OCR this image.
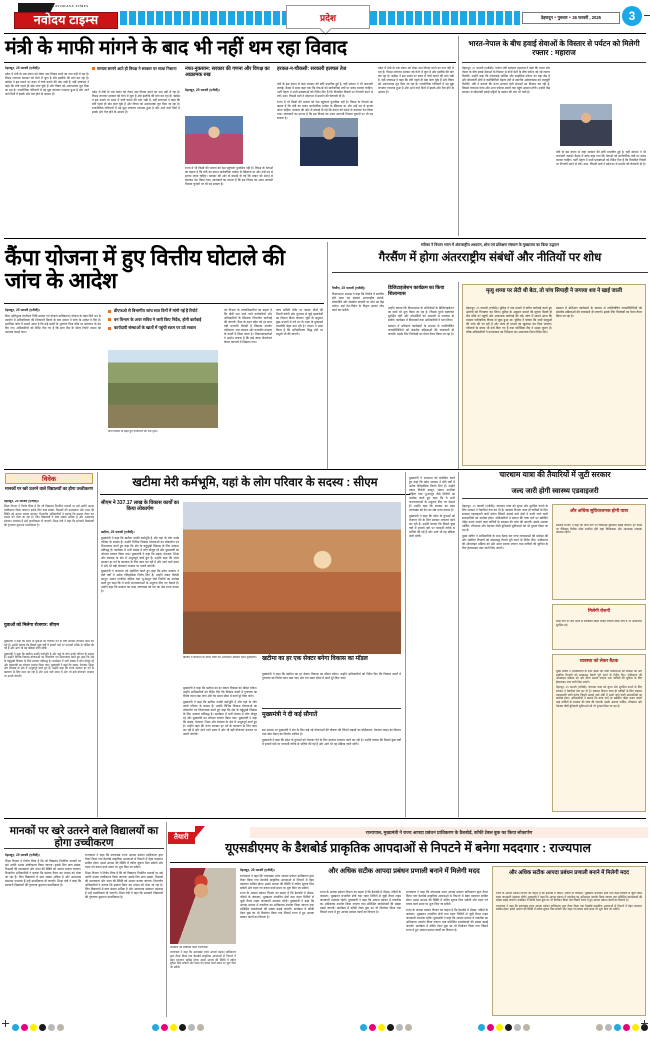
NAVODAYA TIMES
नवोदय टाइम्स	प्रदेश	देहरादून • गुरुवार • 26 फरवरी , 2025 3
मंत्री के माफी मांगने के बाद भी नहीं थम रहा विवाद	भारत-नेपाल के बीच हवाई सेवाओं के विस्तार से पर्यटन को मिलेगी रफ्तार : महाराज

देहरादून, 25 फरवरी (एजेंसी)।

प्रदेश में मंत्री के एक बयान को लेकर उठा विवाद थमने का नाम नहीं ले रहा है। विपक्ष लगातार सरकार को घेरने में जुटा है और इस्तीफे की मांग कर रहा है। कांग्रेस ने इस मसले पर सदन में चर्चा कराने की मांग रखी है, वहीं सत्तापक्ष ने कहा कि मंत्री पहले ही खेद जता चुके हैं और विषय को अनावश्यक तूल दिया जा रहा है। राजनीतिक गलियारों में यह मुद्दा लगातार गरमाया हुआ है और आने वाले दिनों में इसके और तेज होने के आसार हैं।

मामला सामने आते ही विपक्ष ने सरकार पर साधा निशाना

प्रदेश में मंत्री के एक बयान को लेकर उठा विवाद थमने का नाम नहीं ले रहा है। विपक्ष लगातार सरकार को घेरने में जुटा है और इस्तीफे की मांग कर रहा है। कांग्रेस ने इस मसले पर सदन में चर्चा कराने की मांग रखी है, वहीं सत्तापक्ष ने कहा कि मंत्री पहले ही खेद जता चुके हैं और विषय को अनावश्यक तूल दिया जा रहा है। राजनीतिक गलियारों में यह मुद्दा लगातार गरमाया हुआ है और आने वाले दिनों में इसके और तेज होने के आसार हैं।

नफा-नुकसान: सरकार की गणना और विपक्ष का आक्रामक रुख

देहरादून, 25 फरवरी (एजेंसी)।

राज्य में भी किसी की भावना को ठेस पहुंचाना मुनासिब नहीं है। विपक्ष के नेताओं का कहना है कि मंत्री का बयान सार्वजनिक मर्यादा के खिलाफ था और उन्हें पद से हटाया जाना चाहिए। सरकार की ओर से सफाई दी गई कि बयान को संदर्भ से काटकर पेश किया गया। जानकारों का मानना है कि इस विवाद का असर आगामी निकाय चुनावों पर भी पड़ सकता है।

हरकत-न-चौकसी: सरकारी हलचल तेज

मंत्री के इस बयान से जहां सरकार की छवि प्रभावित हुई है, वहीं संगठन ने भी नाराजगी जताई। बैठक में साफ कहा गया कि नेताओं को सार्वजनिक मंचों पर संयम बरतना चाहिए। पार्टी नेतृत्व ने सभी प्रवक्ताओं को निर्देश दिए हैं कि विवादित विषयों पर टिप्पणी करने से बचें। उधर, विपक्षी दलों ने प्रदेशभर में प्रदर्शन की चेतावनी दी है।

राज्य में भी किसी की भावना को ठेस पहुंचाना मुनासिब नहीं है। विपक्ष के नेताओं का कहना है कि मंत्री का बयान सार्वजनिक मर्यादा के खिलाफ था और उन्हें पद से हटाया जाना चाहिए। सरकार की ओर से सफाई दी गई कि बयान को संदर्भ से काटकर पेश किया गया। जानकारों का मानना है कि इस विवाद का असर आगामी निकाय चुनावों पर भी पड़ सकता है।

प्रदेश में मंत्री के एक बयान को लेकर उठा विवाद थमने का नाम नहीं ले रहा है। विपक्ष लगातार सरकार को घेरने में जुटा है और इस्तीफे की मांग कर रहा है। कांग्रेस ने इस मसले पर सदन में चर्चा कराने की मांग रखी है, वहीं सत्तापक्ष ने कहा कि मंत्री पहले ही खेद जता चुके हैं और विषय को अनावश्यक तूल दिया जा रहा है। राजनीतिक गलियारों में यह मुद्दा लगातार गरमाया हुआ है और आने वाले दिनों में इसके और तेज होने के आसार हैं।

देहरादून, 25 फरवरी (एजेंसी)। पर्यटन मंत्री सतपाल महाराज ने कहा कि भारत और नेपाल के बीच हवाई सेवाओं के विस्तार से दोनों देशों के बीच पर्यटन को नई रफ्तार मिलेगी। उन्होंने कहा कि उत्तराखंड धार्मिक और साहसिक पर्यटन का बड़ा केंद्र है और सीमावर्ती क्षेत्रों में कनेक्टिविटी बेहतर होने से स्थानीय अर्थव्यवस्था को मजबूती मिलेगी। मंत्री ने बताया कि राज्य सरकार हेली सेवाओं का विस्तार कर रही है, जिससे चारधाम यात्रा और अन्य पर्यटक स्थलों तक पहुंच आसान होगी। उन्होंने केंद्र सरकार से सीमावर्ती हवाई पट्टियों के उन्नयन की मांग भी रखी है।

मंत्री के इस बयान से जहां सरकार की छवि प्रभावित हुई है, वहीं संगठन ने भी नाराजगी जताई। बैठक में साफ कहा गया कि नेताओं को सार्वजनिक मंचों पर संयम बरतना चाहिए। पार्टी नेतृत्व ने सभी प्रवक्ताओं को निर्देश दिए हैं कि विवादित विषयों पर टिप्पणी करने से बचें। उधर, विपक्षी दलों ने प्रदेशभर में प्रदर्शन की चेतावनी दी है।

कैंपा योजना में हुए वित्तीय घोटाले की जांच के आदेश
डीएफओ से विभागीय जांच सात दिनों में मांगी गई है रिपोर्ट
वन विभाग के अपर सचिव ने जारी किए निर्देश, होगी कार्रवाई
कार्यदायी संस्थाओं के खातों में पहुंची रकम पर उठे सवाल

देहरादून, 25 फरवरी (एजेंसी)।

कैंपा (प्रतिपूरक वनरोपण निधि प्रबंधन एवं योजना प्राधिकरण) योजना के तहत मिले धन के उपयोग में अनियमितता की शिकायतें मिलने के बाद शासन ने जांच के आदेश दे दिए हैं। प्रारंभिक जांच में सामने आया है कि कई कार्यों के भुगतान बिना मौके पर सत्यापन के कर दिए गए। अधिकारियों को निर्देश दिए गए हैं कि सात दिन के भीतर रिपोर्ट शासन को उपलब्ध कराई जाए।

कैंपा योजना के तहत हुए पौधरोपण का एक दृश्य।

वन विभाग के उच्चाधिकारियों का कहना है कि दोषी पाए जाने वाले कर्मचारियों और अधिकारियों के खिलाफ विभागीय कार्रवाई की जाएगी। कैंपा के तहत प्रदेश को हर साल बड़ी धनराशि मिलती है जिसका उपयोग वनीकरण, जल संरक्षण और वन्यजीव संरक्षण के कार्यों में किया जाता है। शिकायतकर्ताओं ने आरोप लगाया है कि कई जगह पौधरोपण केवल कागजों में दिखाया गया।

जांच समिति मौके पर जाकर पौधों की गिनती करेगी और भुगतान से जुड़े दस्तावेजों का मिलान किया जाएगा। सूत्रों के अनुसार कुछ प्रभागों में वर्ष भर के लक्ष्य के मुकाबले उपलब्धि बेहद कम रही है। शासन ने साफ किया है कि अनियमितता सिद्ध होने पर वसूली भी की जाएगी।

स्पीकर ने विधान भवन में अंतरराष्ट्रीय अध्ययन, शोध एवं प्रशिक्षण संस्थान के मुख्यालय का किया उद्घाटन
गैरसैंण में होगा अंतरराष्ट्रीय संबंधों और नीतियों पर शोध

गैरसैंण, 25 फरवरी (एजेंसी)।

विधानसभा अध्यक्ष ने कहा कि गैरसैंण में स्थापित होने वाला यह संस्थान अंतरराष्ट्रीय संबंधों, लोकनीति और संसदीय प्रणाली पर शोध का केंद्र बनेगा। यहां देश-विदेश के विद्वान आकर शोध कार्य कर सकेंगे।

डिजिटाइजेशन कार्यक्रम का किया शिलान्यास

उन्होंने बताया कि विधानसभा के अभिलेखों के डिजिटाइजेशन का कार्य भी शुरू किया जा रहा है, जिससे पुराने दस्तावेज सुरक्षित रहेंगे और शोधार्थियों को आसानी से उपलब्ध हो सकेंगे। कार्यक्रम में विधायकों तथा अधिकारियों ने भाग लिया।

संस्थान में प्रशिक्षण कार्यक्रमों के माध्यम से नवनिर्वाचित जनप्रतिनिधियों को संसदीय प्रक्रियाओं की जानकारी दी जाएगी। इसके लिए विशेषज्ञों का पैनल तैयार किया जा रहा है।

मृत्यु शय्या पर लेटी थी बेटा, तो पांच सिपाही ने जगाया शव ने खाई जाली

देहरादून, 25 फरवरी (एजेंसी)। पुलिस ने एक मामले में त्वरित कार्रवाई करते हुए आरोपी को गिरफ्तार कर लिया। पुलिस के अनुसार मामले की सूचना मिलते ही टीम मौके पर पहुंची और आवश्यक कार्रवाई की गई। जांच में सामने आया कि मामला पारिवारिक विवाद से जुड़ा हुआ था। पुलिस ने बताया कि सभी पहलुओं की जांच की जा रही है और जल्द ही मामले का खुलासा कर दिया जाएगा। परिजनों के बयान भी दर्ज किए गए हैं तथा फॉरेंसिक टीम ने साक्ष्य जुटाए हैं। वरिष्ठ अधिकारियों ने घटनास्थल का निरीक्षण कर आवश्यक दिशा-निर्देश दिए।

संस्थान में प्रशिक्षण कार्यक्रमों के माध्यम से नवनिर्वाचित जनप्रतिनिधियों को संसदीय प्रक्रियाओं की जानकारी दी जाएगी। इसके लिए विशेषज्ञों का पैनल तैयार किया जा रहा है।

विवेक
मानकों पर खरे उतरने वाले विद्यालयों का होगा उच्चीकरण

देहरादून, 25 फरवरी (एजेंसी)।

शिक्षा विभाग ने निर्णय लिया है कि जो विद्यालय निर्धारित मानकों पर खरे उतरेंगे उनका उच्चीकरण किया जाएगा। इसके लिए छात्र संख्या, शिक्षकों की उपलब्धता और भवन की स्थिति को आधार बनाया जाएगा। विभागीय अधिकारियों ने बताया कि प्रस्ताव तैयार कर शासन को भेजा जा रहा है। जिन विद्यालयों में छात्र संख्या अधिक है और आवश्यक संसाधन उपलब्ध हैं उन्हें प्राथमिकता दी जाएगी। शिक्षा मंत्री ने कहा कि सरकारी विद्यालयों की गुणवत्ता सुधारना प्राथमिकता है।

युवाओं को मिलेगा रोजगार: सीएम

मुख्यमंत्री ने कहा कि प्रदेश के युवाओं को रोजगार देने के लिए सरकार लगातार कार्य कर रही है। उन्होंने बताया कि पिछले कुछ वर्षों में हजारों पदों पर पारदर्शी तरीके से भर्तियां की गई हैं और आगे भी यह प्रक्रिया जारी रहेगी।

मुख्यमंत्री ने कहा कि खटीमा उनकी कर्मभूमि है और यहां के लोग उनके परिवार के सदस्य हैं। उन्होंने विभिन्न विकास योजनाओं का लोकार्पण एवं शिलान्यास करते हुए कहा कि क्षेत्र के चहुंमुखी विकास के लिए सरकार प्रतिबद्ध है। कार्यक्रम में भारी संख्या में लोग मौजूद रहे और मुख्यमंत्री का जोरदार स्वागत किया गया। मुख्यमंत्री ने कहा कि सड़क, पेयजल, शिक्षा और स्वास्थ्य के क्षेत्र में अभूतपूर्व कार्य हुए हैं। उन्होंने कहा कि राज्य सरकार हर वर्ग के कल्याण के लिए काम कर रही है और आने वाले समय में और भी बड़ी योजनाएं धरातल पर उतारी जाएंगी।

खटीमा मेरी कर्मभूमि, यहां के लोग परिवार के सदस्य : सीएम
सीएम ने 337.17 लाख के विकास कार्यों का किया लोकार्पण

खटीमा, 25 फरवरी (एजेंसी)।

मुख्यमंत्री ने कहा कि खटीमा उनकी कर्मभूमि है और यहां के लोग उनके परिवार के सदस्य हैं। उन्होंने विभिन्न विकास योजनाओं का लोकार्पण एवं शिलान्यास करते हुए कहा कि क्षेत्र के चहुंमुखी विकास के लिए सरकार प्रतिबद्ध है। कार्यक्रम में भारी संख्या में लोग मौजूद रहे और मुख्यमंत्री का जोरदार स्वागत किया गया। मुख्यमंत्री ने कहा कि सड़क, पेयजल, शिक्षा और स्वास्थ्य के क्षेत्र में अभूतपूर्व कार्य हुए हैं। उन्होंने कहा कि राज्य सरकार हर वर्ग के कल्याण के लिए काम कर रही है और आने वाले समय में और भी बड़ी योजनाएं धरातल पर उतारी जाएंगी।

मुख्यमंत्री ने जनसभा को संबोधित करते हुए कहा कि प्रदेश सरकार ने बीते वर्षों में अनेक ऐतिहासिक निर्णय लिए हैं। उन्होंने नकल विरोधी कानून, समान नागरिक संहिता तथा भू-कानून जैसे निर्णयों का उल्लेख करते हुए कहा कि ये सभी जनभावनाओं के अनुरूप लिए गए फैसले हैं। उन्होंने कहा कि सरकार का लक्ष्य उत्तराखंड को देश का श्रेष्ठ राज्य बनाना है।

खटीमा में जनसभा के दौरान लोगों का अभिवादन स्वीकार करते मुख्यमंत्री। खटीमा का हर एक सेक्टर बनेगा विकास का मॉडल

मुख्यमंत्री ने कहा कि खटीमा का हर सेक्टर विकास का मॉडल बनेगा। उन्होंने अधिकारियों को निर्देश दिए कि विकास कार्यों में गुणवत्ता का विशेष ध्यान रखा जाए और तय समय सीमा में कार्य पूरे किए जाएं।

मुख्यमंत्री ने दी कई सौगातें

इस अवसर पर मुख्यमंत्री ने क्षेत्र के लिए कई नई योजनाओं की घोषणा की जिनमें सड़कों का चौड़ीकरण, पेयजल लाइन का विस्तार तथा खेल मैदान का निर्माण शामिल है।

मुख्यमंत्री ने कहा कि प्रदेश के युवाओं को रोजगार देने के लिए सरकार लगातार कार्य कर रही है। उन्होंने बताया कि पिछले कुछ वर्षों में हजारों पदों पर पारदर्शी तरीके से भर्तियां की गई हैं और आगे भी यह प्रक्रिया जारी रहेगी।

मुख्यमंत्री ने कहा कि खटीमा का हर सेक्टर विकास का मॉडल बनेगा। उन्होंने अधिकारियों को निर्देश दिए कि विकास कार्यों में गुणवत्ता का विशेष ध्यान रखा जाए और तय समय सीमा में कार्य पूरे किए जाएं।

मुख्यमंत्री ने कहा कि खटीमा उनकी कर्मभूमि है और यहां के लोग उनके परिवार के सदस्य हैं। उन्होंने विभिन्न विकास योजनाओं का लोकार्पण एवं शिलान्यास करते हुए कहा कि क्षेत्र के चहुंमुखी विकास के लिए सरकार प्रतिबद्ध है। कार्यक्रम में भारी संख्या में लोग मौजूद रहे और मुख्यमंत्री का जोरदार स्वागत किया गया। मुख्यमंत्री ने कहा कि सड़क, पेयजल, शिक्षा और स्वास्थ्य के क्षेत्र में अभूतपूर्व कार्य हुए हैं। उन्होंने कहा कि राज्य सरकार हर वर्ग के कल्याण के लिए काम कर रही है और आने वाले समय में और भी बड़ी योजनाएं धरातल पर उतारी जाएंगी।

मुख्यमंत्री ने जनसभा को संबोधित करते हुए कहा कि प्रदेश सरकार ने बीते वर्षों में अनेक ऐतिहासिक निर्णय लिए हैं। उन्होंने नकल विरोधी कानून, समान नागरिक संहिता तथा भू-कानून जैसे निर्णयों का उल्लेख करते हुए कहा कि ये सभी जनभावनाओं के अनुरूप लिए गए फैसले हैं। उन्होंने कहा कि सरकार का लक्ष्य उत्तराखंड को देश का श्रेष्ठ राज्य बनाना है।

मुख्यमंत्री ने कहा कि प्रदेश के युवाओं को रोजगार देने के लिए सरकार लगातार कार्य कर रही है। उन्होंने बताया कि पिछले कुछ वर्षों में हजारों पदों पर पारदर्शी तरीके से भर्तियां की गई हैं और आगे भी यह प्रक्रिया जारी रहेगी।

चारधाम यात्रा की तैयारियों में जुटी सरकार
जल्द जारी होगी स्वास्थ्य एडवाइजरी

देहरादून, 25 फरवरी (एजेंसी)। चारधाम यात्रा को सुगम और सुरक्षित बनाने के लिए सरकार ने तैयारियां तेज कर दी हैं। स्वास्थ्य विभाग जल्द ही यात्रियों के लिए स्वास्थ्य एडवाइजरी जारी करेगा जिसमें ऊंचाई वाले क्षेत्रों में बरती जाने वाली सावधानियों का उल्लेख होगा। अधिकारियों ने बताया कि यात्रा मार्ग पर स्क्रीनिंग पॉइंट बनाए जाएंगे जहां यात्रियों के स्वास्थ्य की जांच की जाएगी। इसके अलावा पार्किंग, शौचालय और पेयजल जैसी बुनियादी सुविधाओं को भी दुरुस्त किया जा रहा है।

मुख्य सचिव ने अधिकारियों के साथ बैठक कर यात्रा व्यवस्थाओं की समीक्षा की और संबंधित विभागों को समयबद्ध तैयारी पूरी करने के निर्देश दिए। पंजीकरण की ऑनलाइन प्रक्रिया को और सरल बनाया जाएगा तथा यात्रियों की सुविधा के लिए हेल्पलाइन नंबर जारी किए जाएंगे।

और अधिक सुविधाजनक होगी यात्रा

स्वास्थ्य विभाग ने कहा कि यात्रा मार्ग पर चिकित्सा सुविधाएं बढ़ाई जाएंगी। हर पड़ाव पर मेडिकल रिलीफ पोस्ट स्थापित होंगे जहां चिकित्सक और आवश्यक दवाइयां उपलब्ध रहेंगी।

मिलेगी रोशनी

यात्रा मार्ग पर सौर ऊर्जा से संचालित लाइटें लगाई जाएंगी ताकि रात्रि में भी आवागमन सुरक्षित रहे।

व्यवस्था को लेकर बैठक

मुख्य सचिव ने अधिकारियों के साथ बैठक कर यात्रा व्यवस्थाओं की समीक्षा की और संबंधित विभागों को समयबद्ध तैयारी पूरी करने के निर्देश दिए। पंजीकरण की ऑनलाइन प्रक्रिया को और सरल बनाया जाएगा तथा यात्रियों की सुविधा के लिए हेल्पलाइन नंबर जारी किए जाएंगे।

देहरादून, 25 फरवरी (एजेंसी)। चारधाम यात्रा को सुगम और सुरक्षित बनाने के लिए सरकार ने तैयारियां तेज कर दी हैं। स्वास्थ्य विभाग जल्द ही यात्रियों के लिए स्वास्थ्य एडवाइजरी जारी करेगा जिसमें ऊंचाई वाले क्षेत्रों में बरती जाने वाली सावधानियों का उल्लेख होगा। अधिकारियों ने बताया कि यात्रा मार्ग पर स्क्रीनिंग पॉइंट बनाए जाएंगे जहां यात्रियों के स्वास्थ्य की जांच की जाएगी। इसके अलावा पार्किंग, शौचालय और पेयजल जैसी बुनियादी सुविधाओं को भी दुरुस्त किया जा रहा है।

मानकों पर खरे उतरने वाले विद्यालयों का होगा उच्चीकरण

देहरादून, 25 फरवरी (एजेंसी)।

शिक्षा विभाग ने निर्णय लिया है कि जो विद्यालय निर्धारित मानकों पर खरे उतरेंगे उनका उच्चीकरण किया जाएगा। इसके लिए छात्र संख्या, शिक्षकों की उपलब्धता और भवन की स्थिति को आधार बनाया जाएगा। विभागीय अधिकारियों ने बताया कि प्रस्ताव तैयार कर शासन को भेजा जा रहा है। जिन विद्यालयों में छात्र संख्या अधिक है और आवश्यक संसाधन उपलब्ध हैं उन्हें प्राथमिकता दी जाएगी। शिक्षा मंत्री ने कहा कि सरकारी विद्यालयों की गुणवत्ता सुधारना प्राथमिकता है।

राज्यपाल ने कहा कि उत्तराखंड राज्य आपदा प्रबंधन प्राधिकरण द्वारा तैयार किया गया डैशबोर्ड प्राकृतिक आपदाओं से निपटने में बेहद मददगार साबित होगा। इससे आपदा की स्थिति में त्वरित सूचना मिल सकेगी और राहत एवं बचाव कार्य समय पर शुरू किए जा सकेंगे।

शिक्षा विभाग ने निर्णय लिया है कि जो विद्यालय निर्धारित मानकों पर खरे उतरेंगे उनका उच्चीकरण किया जाएगा। इसके लिए छात्र संख्या, शिक्षकों की उपलब्धता और भवन की स्थिति को आधार बनाया जाएगा। विभागीय अधिकारियों ने बताया कि प्रस्ताव तैयार कर शासन को भेजा जा रहा है। जिन विद्यालयों में छात्र संख्या अधिक है और आवश्यक संसाधन उपलब्ध हैं उन्हें प्राथमिकता दी जाएगी। शिक्षा मंत्री ने कहा कि सरकारी विद्यालयों की गुणवत्ता सुधारना प्राथमिकता है।

तैयारी
राज्यपाल, मुख्यमंत्री ने राज्य आपदा प्रबंधन प्राधिकरण के डैशबोर्ड, कॉफी टेबल बुक का किया लोकार्पण
यूएसडीएमए के डैशबोर्ड प्राकृतिक आपदाओं से निपटने में बनेगा मददगार : राज्यपाल

कार्यक्रम को संबोधित करते राज्यपाल।

राज्यपाल ने कहा कि उत्तराखंड राज्य आपदा प्रबंधन प्राधिकरण द्वारा तैयार किया गया डैशबोर्ड प्राकृतिक आपदाओं से निपटने में बेहद मददगार साबित होगा। इससे आपदा की स्थिति में त्वरित सूचना मिल सकेगी और राहत एवं बचाव कार्य समय पर शुरू किए जा सकेंगे।

देहरादून, 25 फरवरी (एजेंसी)।

राज्यपाल ने कहा कि उत्तराखंड राज्य आपदा प्रबंधन प्राधिकरण द्वारा तैयार किया गया डैशबोर्ड प्राकृतिक आपदाओं से निपटने में बेहद मददगार साबित होगा। इससे आपदा की स्थिति में त्वरित सूचना मिल सकेगी और राहत एवं बचाव कार्य समय पर शुरू किए जा सकेंगे।

राज्य के आपदा प्रबंधन विभाग का कहना है कि डैशबोर्ड में मौसम, नदियों के जलस्तर, भूस्खलन संभावित क्षेत्रों तथा राहत शिविरों से जुड़ी रीयल टाइम जानकारी उपलब्ध रहेगी। मुख्यमंत्री ने कहा कि आपदा प्रबंधन में तकनीक का अधिकतम उपयोग किया जाएगा तथा प्रशिक्षित स्वयंसेवकों की संख्या बढ़ाई जाएगी। कार्यक्रम में कॉफी टेबल बुक का भी विमोचन किया गया जिसमें राज्य में हुए आपदा प्रबंधन कार्यों का विवरण है।

और अधिक सटीक आपदा प्रबंधन प्रणाली बनाने में मिलेगी मदद

राज्य के आपदा प्रबंधन विभाग का कहना है कि डैशबोर्ड में मौसम, नदियों के जलस्तर, भूस्खलन संभावित क्षेत्रों तथा राहत शिविरों से जुड़ी रीयल टाइम जानकारी उपलब्ध रहेगी। मुख्यमंत्री ने कहा कि आपदा प्रबंधन में तकनीक का अधिकतम उपयोग किया जाएगा तथा प्रशिक्षित स्वयंसेवकों की संख्या बढ़ाई जाएगी। कार्यक्रम में कॉफी टेबल बुक का भी विमोचन किया गया जिसमें राज्य में हुए आपदा प्रबंधन कार्यों का विवरण है।

राज्यपाल ने कहा कि उत्तराखंड राज्य आपदा प्रबंधन प्राधिकरण द्वारा तैयार किया गया डैशबोर्ड प्राकृतिक आपदाओं से निपटने में बेहद मददगार साबित होगा। इससे आपदा की स्थिति में त्वरित सूचना मिल सकेगी और राहत एवं बचाव कार्य समय पर शुरू किए जा सकेंगे।

राज्य के आपदा प्रबंधन विभाग का कहना है कि डैशबोर्ड में मौसम, नदियों के जलस्तर, भूस्खलन संभावित क्षेत्रों तथा राहत शिविरों से जुड़ी रीयल टाइम जानकारी उपलब्ध रहेगी। मुख्यमंत्री ने कहा कि आपदा प्रबंधन में तकनीक का अधिकतम उपयोग किया जाएगा तथा प्रशिक्षित स्वयंसेवकों की संख्या बढ़ाई जाएगी। कार्यक्रम में कॉफी टेबल बुक का भी विमोचन किया गया जिसमें राज्य में हुए आपदा प्रबंधन कार्यों का विवरण है।

और अधिक सटीक आपदा प्रबंधन प्रणाली बनाने में मिलेगी मदद

राज्य के आपदा प्रबंधन विभाग का कहना है कि डैशबोर्ड में मौसम, नदियों के जलस्तर, भूस्खलन संभावित क्षेत्रों तथा राहत शिविरों से जुड़ी रीयल टाइम जानकारी उपलब्ध रहेगी। मुख्यमंत्री ने कहा कि आपदा प्रबंधन में तकनीक का अधिकतम उपयोग किया जाएगा तथा प्रशिक्षित स्वयंसेवकों की संख्या बढ़ाई जाएगी। कार्यक्रम में कॉफी टेबल बुक का भी विमोचन किया गया जिसमें राज्य में हुए आपदा प्रबंधन कार्यों का विवरण है।

राज्यपाल ने कहा कि उत्तराखंड राज्य आपदा प्रबंधन प्राधिकरण द्वारा तैयार किया गया डैशबोर्ड प्राकृतिक आपदाओं से निपटने में बेहद मददगार साबित होगा। इससे आपदा की स्थिति में त्वरित सूचना मिल सकेगी और राहत एवं बचाव कार्य समय पर शुरू किए जा सकेंगे।
